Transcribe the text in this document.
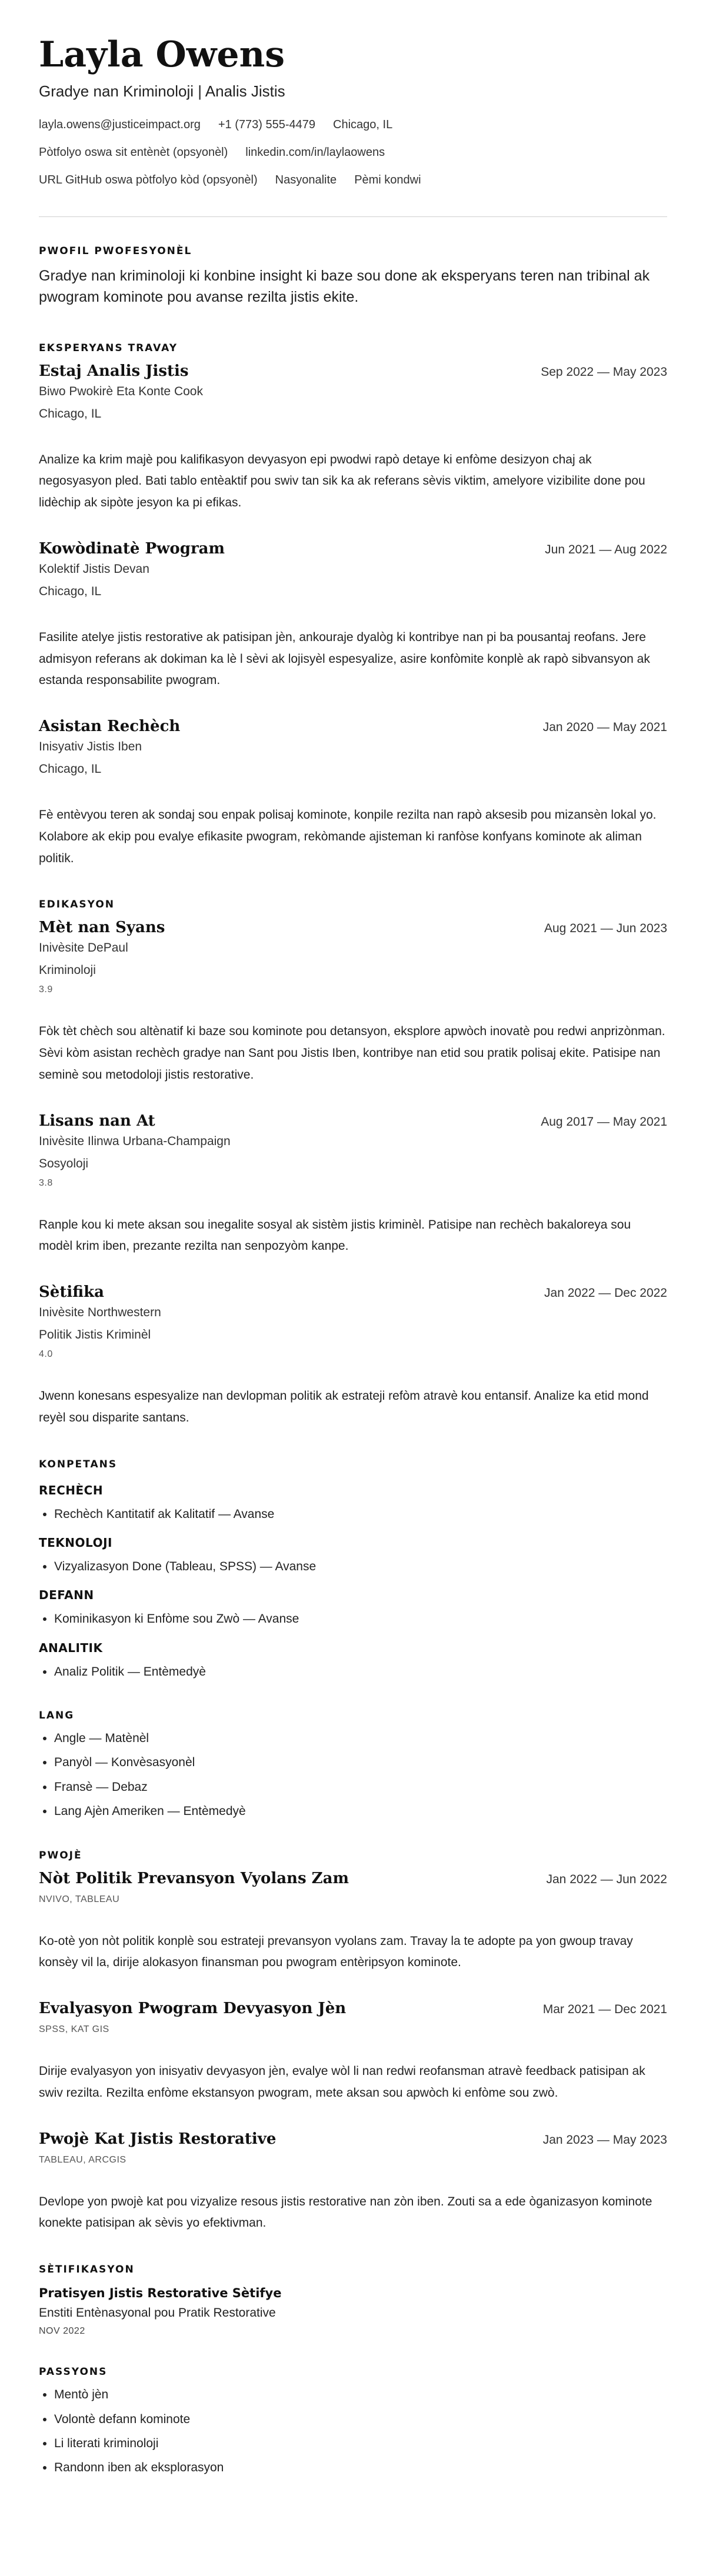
Layla Owens
Gradye nan Kriminoloji | Analis Jistis
layla.owens@justiceimpact.org +1 (773) 555-4479 Chicago, IL
Pòtfolyo oswa sit entènèt (opsyonèl) linkedin.com/in/laylaowens
URL GitHub oswa pòtfolyo kòd (opsyonèl) Nasyonalite Pèmi kondwi
PWOFIL PWOFESYONÈL
Gradye nan kriminoloji ki konbine insight ki baze sou done ak eksperyans teren nan tribinal ak pwogram kominote pou avanse rezilta jistis ekite.
EKSPERYANS TRAVAY
Estaj Analis Jistis	Sep 2022 — May 2023
Biwo Pwokirè Eta Konte Cook
Chicago, IL
Analize ka krim majè pou kalifikasyon devyasyon epi pwodwi rapò detaye ki enfòme desizyon chaj ak negosyasyon pled. Bati tablo entèaktif pou swiv tan sik ka ak referans sèvis viktim, amelyore vizibilite done pou lidèchip ak sipòte jesyon ka pi efikas.
Kowòdinatè Pwogram	Jun 2021 — Aug 2022
Kolektif Jistis Devan
Chicago, IL
Fasilite atelye jistis restorative ak patisipan jèn, ankouraje dyalòg ki kontribye nan pi ba pousantaj reofans. Jere admisyon referans ak dokiman ka lè l sèvi ak lojisyèl espesyalize, asire konfòmite konplè ak rapò sibvansyon ak estanda responsabilite pwogram.
Asistan Rechèch	Jan 2020 — May 2021
Inisyativ Jistis Iben
Chicago, IL
Fè entèvyou teren ak sondaj sou enpak polisaj kominote, konpile rezilta nan rapò aksesib pou mizansèn lokal yo. Kolabore ak ekip pou evalye efikasite pwogram, rekòmande ajisteman ki ranfòse konfyans kominote ak aliman politik.
EDIKASYON
Mèt nan Syans	Aug 2021 — Jun 2023
Inivèsite DePaul
Kriminoloji
3.9
Fòk tèt chèch sou altènatif ki baze sou kominote pou detansyon, eksplore apwòch inovatè pou redwi anprizònman. Sèvi kòm asistan rechèch gradye nan Sant pou Jistis Iben, kontribye nan etid sou pratik polisaj ekite. Patisipe nan seminè sou metodoloji jistis restorative.
Lisans nan At	Aug 2017 — May 2021
Inivèsite Ilinwa Urbana-Champaign
Sosyoloji
3.8
Ranple kou ki mete aksan sou inegalite sosyal ak sistèm jistis kriminèl. Patisipe nan rechèch bakaloreya sou modèl krim iben, prezante rezilta nan senpozyòm kanpe.
Sètifika	Jan 2022 — Dec 2022
Inivèsite Northwestern
Politik Jistis Kriminèl
4.0
Jwenn konesans espesyalize nan devlopman politik ak estrateji refòm atravè kou entansif. Analize ka etid mond reyèl sou disparite santans.
KONPETANS
RECHÈCH
• Rechèch Kantitatif ak Kalitatif — Avanse
TEKNOLOJI
• Vizyalizasyon Done (Tableau, SPSS) — Avanse
DEFANN
• Kominikasyon ki Enfòme sou Zwò — Avanse
ANALITIK
• Analiz Politik — Entèmedyè
LANG
• Angle — Matènèl
• Panyòl — Konvèsasyonèl
• Fransè — Debaz
• Lang Ajèn Ameriken — Entèmedyè
PWOJÈ
Nòt Politik Prevansyon Vyolans Zam	Jan 2022 — Jun 2022
NVIVO, TABLEAU
Ko-otè yon nòt politik konplè sou estrateji prevansyon vyolans zam. Travay la te adopte pa yon gwoup travay konsèy vil la, dirije alokasyon finansman pou pwogram entèripsyon kominote.
Evalyasyon Pwogram Devyasyon Jèn	Mar 2021 — Dec 2021
SPSS, KAT GIS
Dirije evalyasyon yon inisyativ devyasyon jèn, evalye wòl li nan redwi reofansman atravè feedback patisipan ak swiv rezilta. Rezilta enfòme ekstansyon pwogram, mete aksan sou apwòch ki enfòme sou zwò.
Pwojè Kat Jistis Restorative	Jan 2023 — May 2023
TABLEAU, ARCGIS
Devlope yon pwojè kat pou vizyalize resous jistis restorative nan zòn iben. Zouti sa a ede òganizasyon kominote konekte patisipan ak sèvis yo efektivman.
SÈTIFIKASYON
Pratisyen Jistis Restorative Sètifye
Enstiti Entènasyonal pou Pratik Restorative
NOV 2022
PASSYONS
• Mentò jèn
• Volontè defann kominote
• Li literati kriminoloji
• Randonn iben ak eksplorasyon
